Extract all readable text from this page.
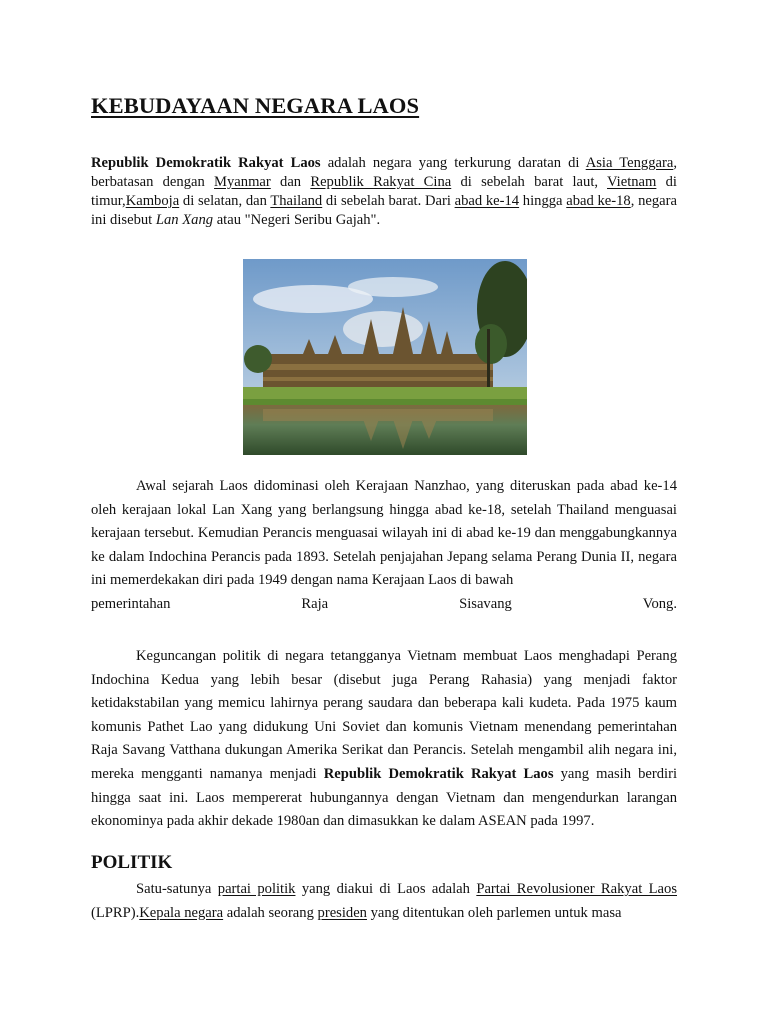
KEBUDAYAAN NEGARA LAOS

Republik Demokratik Rakyat Laos adalah negara yang terkurung daratan di Asia Tenggara, berbatasan dengan Myanmar dan Republik Rakyat Cina di sebelah barat laut, Vietnam di timur,Kamboja di selatan, dan Thailand di sebelah barat. Dari abad ke-14 hingga abad ke-18, negara ini disebut Lan Xang atau "Negeri Seribu Gajah".

Awal sejarah Laos didominasi oleh Kerajaan Nanzhao, yang diteruskan pada abad ke-14 oleh kerajaan lokal Lan Xang yang berlangsung hingga abad ke-18, setelah Thailand menguasai kerajaan tersebut. Kemudian Perancis menguasai wilayah ini di abad ke-19 dan menggabungkannya ke dalam Indochina Perancis pada 1893. Setelah penjajahan Jepang selama Perang Dunia II, negara ini memerdekakan diri pada 1949 dengan nama Kerajaan Laos di bawah
pemerintahan	Raja	Sisavang	Vong.

Keguncangan politik di negara tetangganya Vietnam membuat Laos menghadapi Perang Indochina Kedua yang lebih besar (disebut juga Perang Rahasia) yang menjadi faktor ketidakstabilan yang memicu lahirnya perang saudara dan beberapa kali kudeta. Pada 1975 kaum komunis Pathet Lao yang didukung Uni Soviet dan komunis Vietnam menendang pemerintahan Raja Savang Vatthana dukungan Amerika Serikat dan Perancis. Setelah mengambil alih negara ini, mereka mengganti namanya menjadi Republik Demokratik Rakyat Laos yang masih berdiri hingga saat ini. Laos mempererat hubungannya dengan Vietnam dan mengendurkan larangan ekonominya pada akhir dekade 1980an dan dimasukkan ke dalam ASEAN pada 1997.

POLITIK

Satu-satunya partai politik yang diakui di Laos adalah Partai Revolusioner Rakyat Laos (LPRP).Kepala negara adalah seorang presiden yang ditentukan oleh parlemen untuk masa
